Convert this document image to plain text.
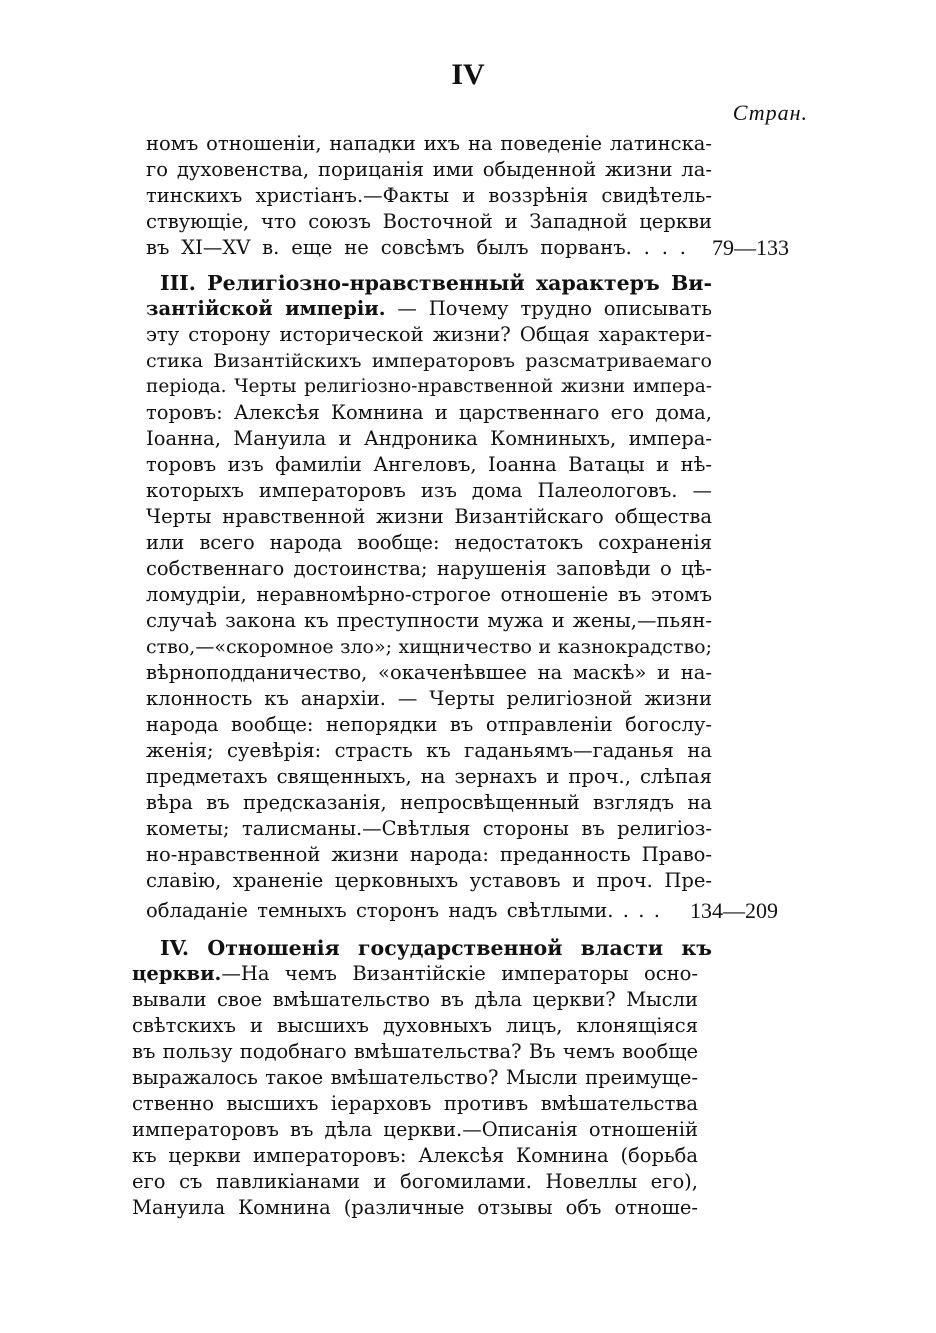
IV
Стран.
номъ отношеніи, нападки ихъ на поведеніе латинска-
го духовенства, порицанія ими обыденной жизни ла-
тинскихъ христіанъ.—Факты и воззрѣнія свидѣтель-
ствующіе, что союзъ Восточной и Западной церкви
въ XI—XV в. еще не совсѣмъ былъ порванъ. . . . 79—133
III. Религіозно-нравственный характеръ Ви-
зантійской имперіи. — Почему трудно описывать
эту сторону исторической жизни? Общая характери-
стика Византійскихъ императоровъ разсматриваемаго
періода. Черты религіозно-нравственной жизни импера-
торовъ: Алексѣя Комнина и царственнаго его дома,
Іоанна, Мануила и Андроника Комниныхъ, импера-
торовъ изъ фамиліи Ангеловъ, Іоанна Ватацы и нѣ-
которыхъ императоровъ изъ дома Палеологовъ. —
Черты нравственной жизни Византійскаго общества
или всего народа вообще: недостатокъ сохраненія
собственнаго достоинства; нарушенія заповѣди о цѣ-
ломудріи, неравномѣрно-строгое отношеніе въ этомъ
случаѣ закона къ преступности мужа и жены,—пьян-
ство,—«скоромное зло»; хищничество и казнокрадство;
вѣрноподданичество, «окаченѣвшее на маскѣ» и на-
клонность къ анархіи. — Черты религіозной жизни
народа вообще: непорядки въ отправленіи богослу-
женія; суевѣрія: страсть къ гаданьямъ—гаданья на
предметахъ священныхъ, на зернахъ и проч., слѣпая
вѣра въ предсказанія, непросвѣщенный взглядъ на
кометы; талисманы.—Свѣтлыя стороны въ религіоз-
но-нравственной жизни народа: преданность Право-
славію, храненіе церковныхъ уставовъ и проч. Пре-
обладаніе темныхъ сторонъ надъ свѣтлыми. . . . 134—209
IV. Отношенія государственной власти къ
церкви.—На чемъ Византійскіе императоры осно-
вывали свое вмѣшательство въ дѣла церкви? Мысли
свѣтскихъ и высшихъ духовныхъ лицъ, клонящіяся
въ пользу подобнаго вмѣшательства? Въ чемъ вообще
выражалось такое вмѣшательство? Мысли преимуще-
ственно высшихъ іерарховъ противъ вмѣшательства
императоровъ въ дѣла церкви.—Описанія отношеній
къ церкви императоровъ: Алексѣя Комнина (борьба
его съ павликіанами и богомилами. Новеллы его),
Мануила Комнина (различные отзывы объ отноше-
